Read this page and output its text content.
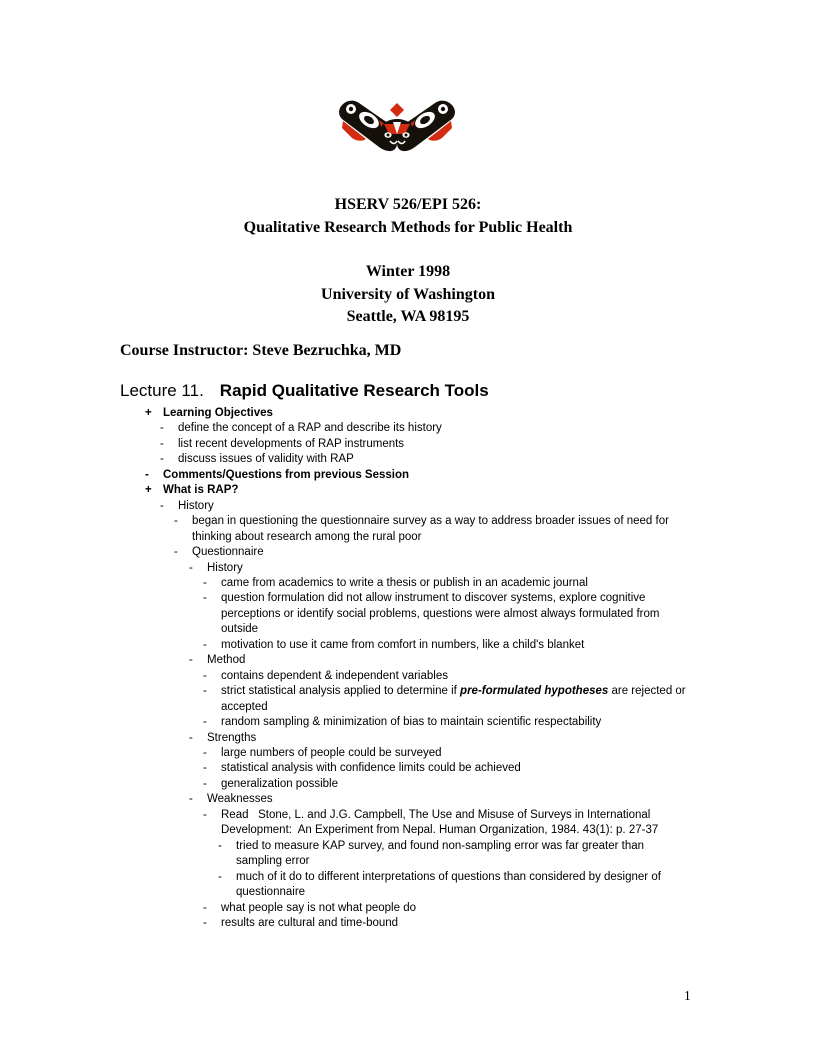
HSERV 526/EPI 526:
Qualitative Research Methods for Public Health
Winter 1998
University of Washington
Seattle, WA 98195
Course Instructor: Steve Bezruchka, MD
Lecture 11. Rapid Qualitative Research Tools
+ Learning Objectives
-	define the concept of a RAP and describe its history
-	list recent developments of RAP instruments
-	discuss issues of validity with RAP
-	Comments/Questions from previous Session
+ What is RAP?
-	History
-	began in questioning the questionnaire survey as a way to address broader issues of need for thinking about research among the rural poor
-	Questionnaire
-	History
-	came from academics to write a thesis or publish in an academic journal
-	question formulation did not allow instrument to discover systems, explore cognitive perceptions or identify social problems, questions were almost always formulated from outside
-	motivation to use it came from comfort in numbers, like a child's blanket
-	Method
-	contains dependent & independent variables
-	strict statistical analysis applied to determine if pre-formulated hypotheses are rejected or accepted
-	random sampling & minimization of bias to maintain scientific respectability
-	Strengths
-	large numbers of people could be surveyed
-	statistical analysis with confidence limits could be achieved
-	generalization possible
-	Weaknesses
-	Read   Stone, L. and J.G. Campbell, The Use and Misuse of Surveys in International Development:  An Experiment from Nepal. Human Organization, 1984. 43(1): p. 27-37
-	tried to measure KAP survey, and found non-sampling error was far greater than sampling error
-	much of it do to different interpretations of questions than considered by designer of questionnaire
-	what people say is not what people do
-	results are cultural and time-bound
1
